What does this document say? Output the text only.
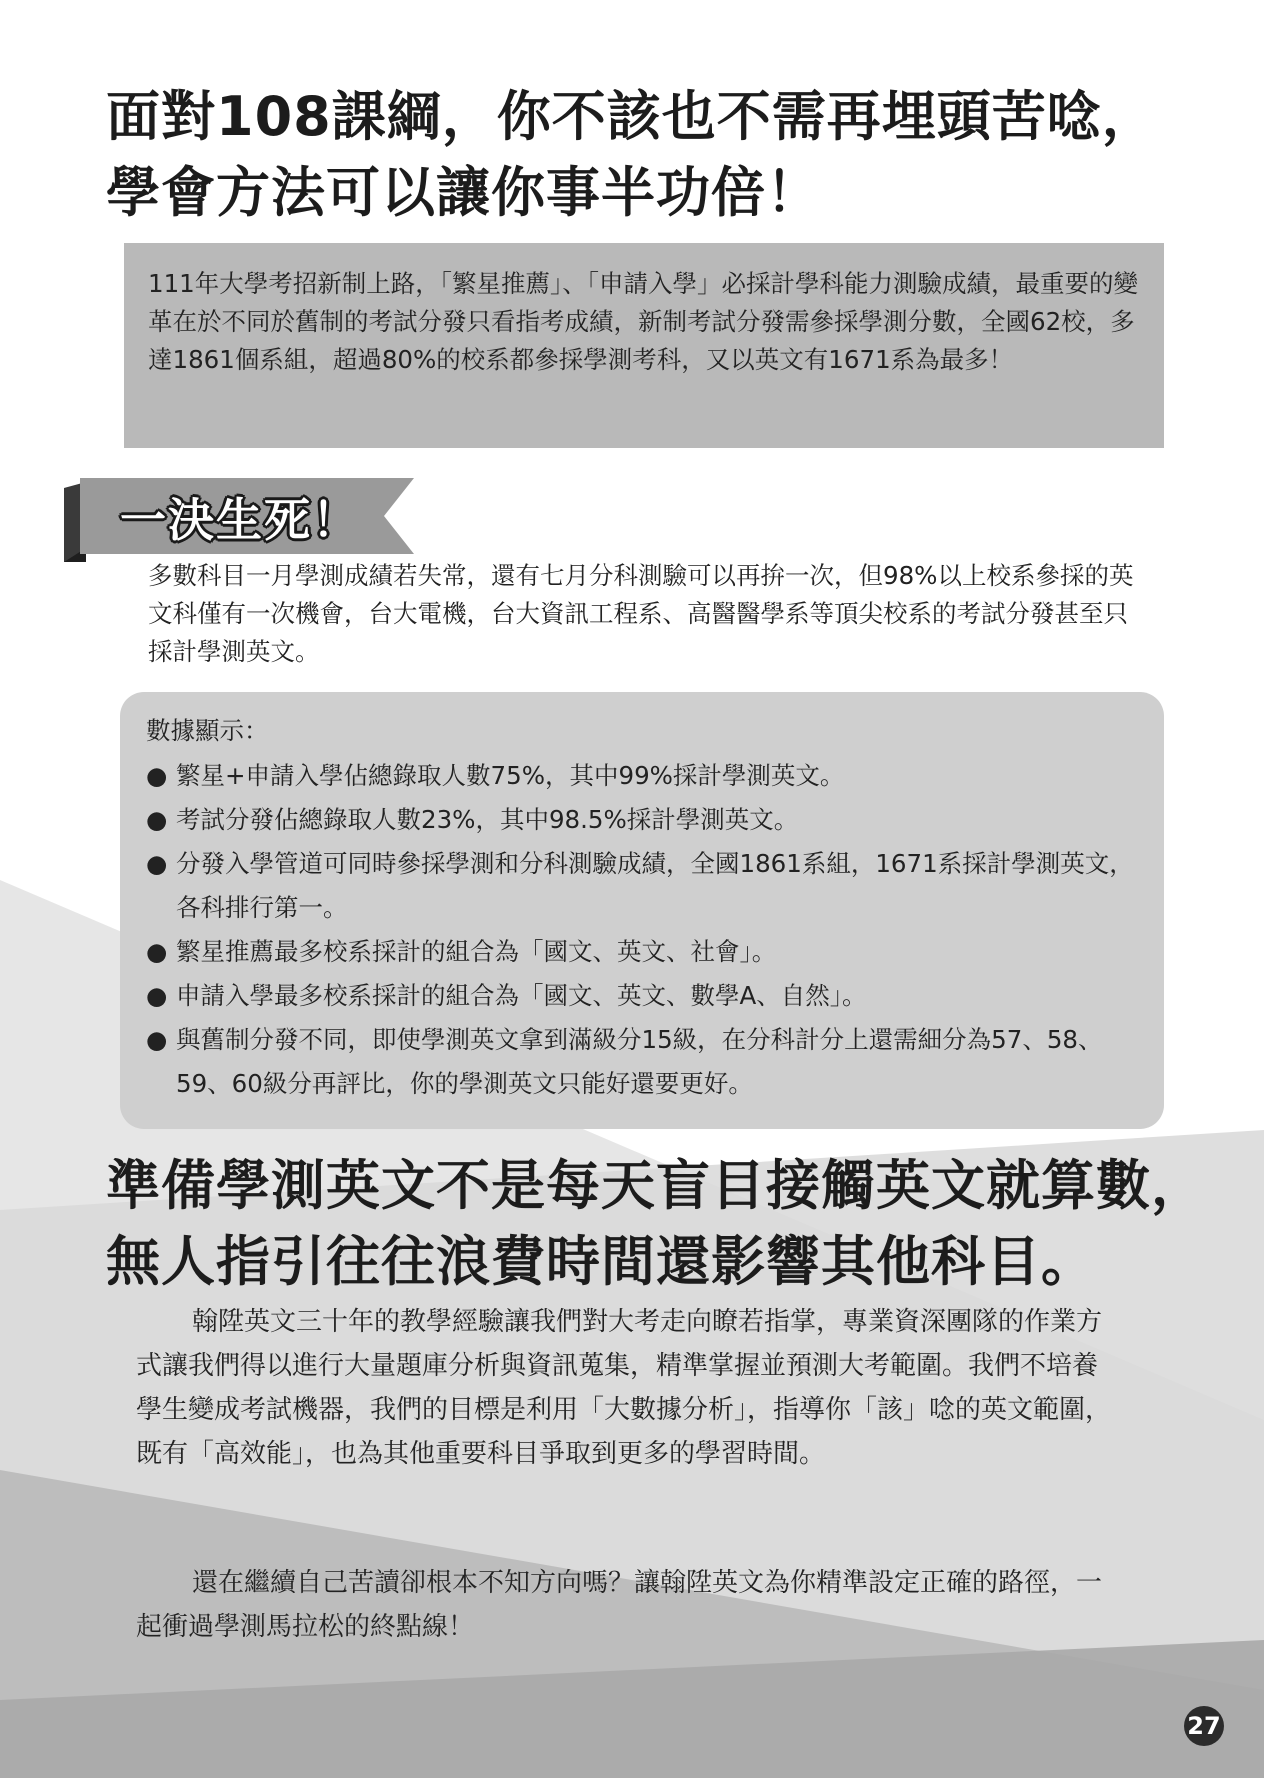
面對108課綱，你不該也不需再埋頭苦唸，
學會方法可以讓你事半功倍！
111年大學考招新制上路，「繁星推薦」、「申請入學」必採計學科能力測驗成績，最重要的變革在於不同於舊制的考試分發只看指考成績，新制考試分發需參採學測分數，全國62校，多達1861個系組，超過80%的校系都參採學測考科，又以英文有1671系為最多！
一決生死！
多數科目一月學測成績若失常，還有七月分科測驗可以再拚一次，但98%以上校系參採的英文科僅有一次機會，台大電機，台大資訊工程系、高醫醫學系等頂尖校系的考試分發甚至只採計學測英文。
數據顯示：
● 繁星+申請入學佔總錄取人數75%，其中99%採計學測英文。
● 考試分發佔總錄取人數23%，其中98.5%採計學測英文。
● 分發入學管道可同時參採學測和分科測驗成績，全國1861系組，1671系採計學測英文，各科排行第一。
● 繁星推薦最多校系採計的組合為「國文、英文、社會」。
● 申請入學最多校系採計的組合為「國文、英文、數學A、自然」。
● 與舊制分發不同，即使學測英文拿到滿級分15級，在分科計分上還需細分為57、58、59、60級分再評比，你的學測英文只能好還要更好。
準備學測英文不是每天盲目接觸英文就算數，
無人指引往往浪費時間還影響其他科目。

翰陞英文三十年的教學經驗讓我們對大考走向瞭若指掌，專業資深團隊的作業方式讓我們得以進行大量題庫分析與資訊蒐集，精準掌握並預測大考範圍。我們不培養學生變成考試機器，我們的目標是利用「大數據分析」，指導你「該」唸的英文範圍，既有「高效能」，也為其他重要科目爭取到更多的學習時間。

還在繼續自己苦讀卻根本不知方向嗎？讓翰陞英文為你精準設定正確的路徑，一起衝過學測馬拉松的終點線！

27
